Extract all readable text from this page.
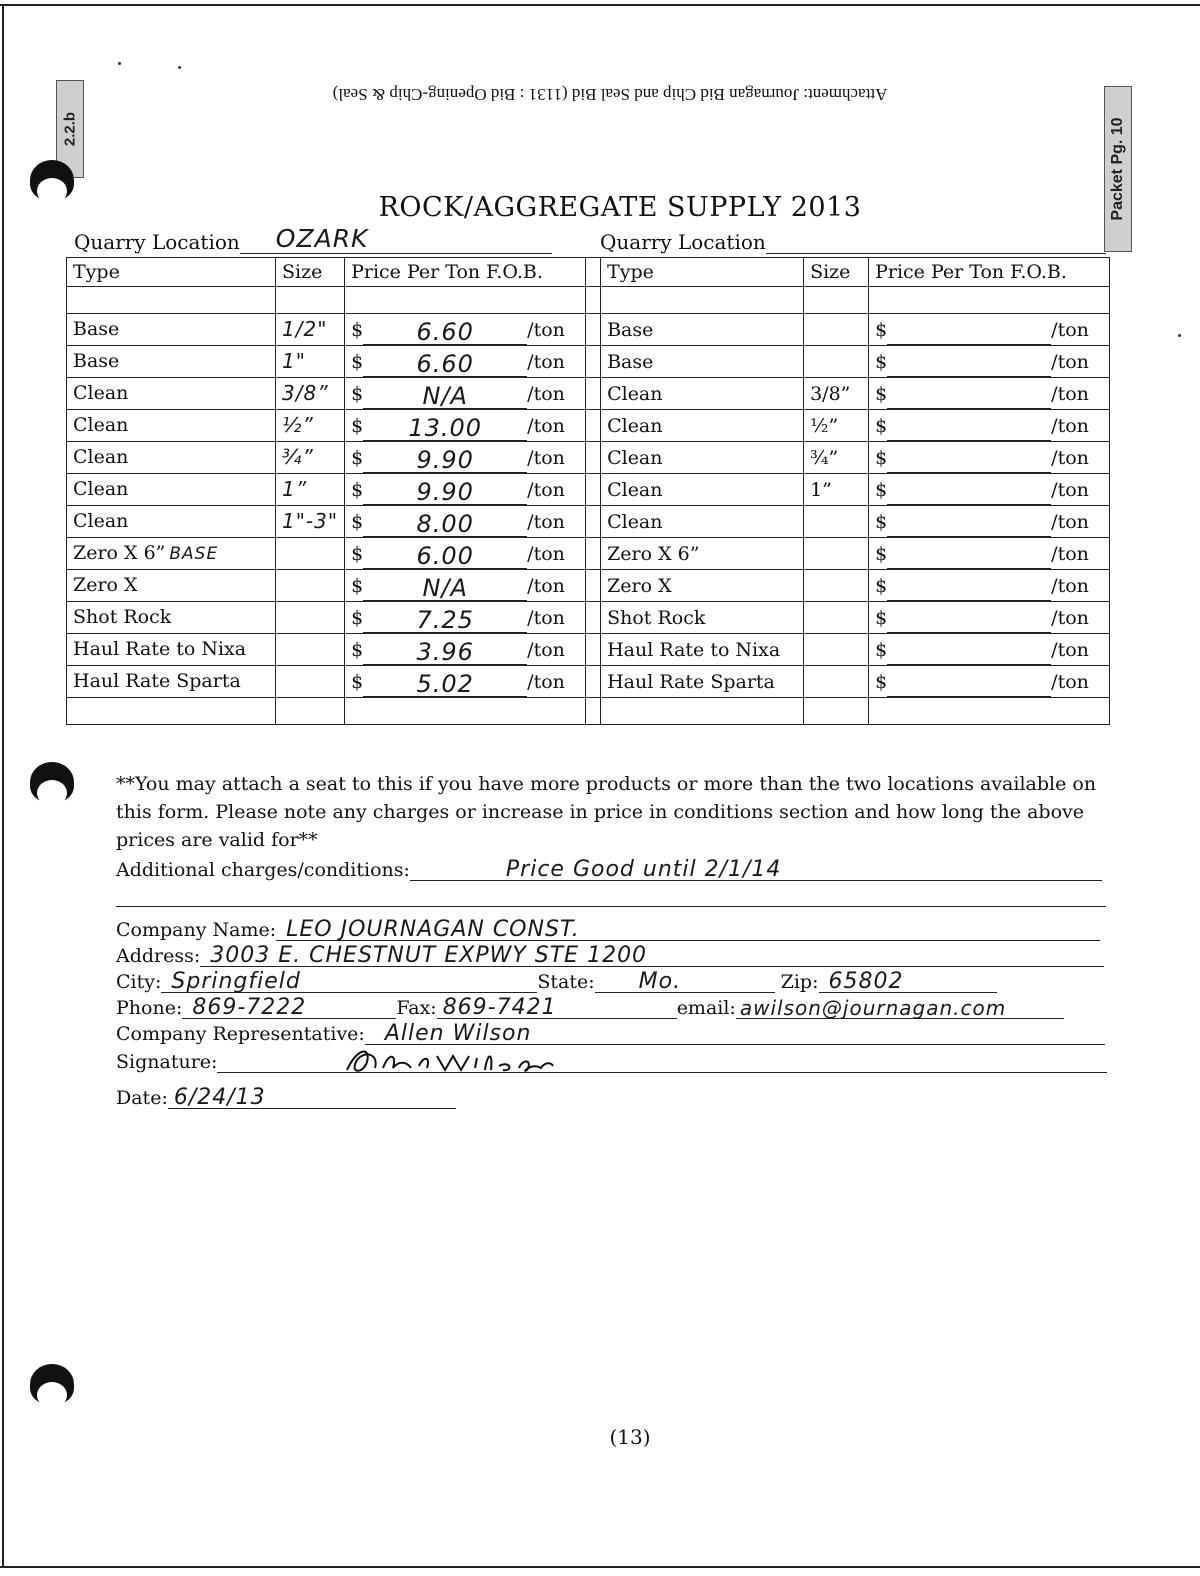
2.2.b	Packet Pg. 10
Attachment: Journagan Bid Chip and Seal Bid (1131 : Bid Opening-Chip & Seal)
ROCK/AGGREGATE SUPPLY 2013
Quarry Location OZARK	Quarry Location
Type	Size	Price Per Ton F.O.B.		Type	Size	Price Per Ton F.O.B.

Base	1/2"	$ 6.60 /ton		Base		$ /ton

Base	1"	$ 6.60 /ton		Base		$ /ton

Clean	3/8”	$ N/A /ton		Clean	3/8”	$ /ton

Clean	½”	$ 13.00 /ton		Clean	½”	$ /ton

Clean	¾”	$ 9.90 /ton		Clean	¾”	$ /ton

Clean	1”	$ 9.90 /ton		Clean	1”	$ /ton

Clean	1"-3"	$ 8.00 /ton		Clean		$ /ton

Zero X 6” BASE		$ 6.00 /ton		Zero X 6”		$ /ton

Zero X		$ N/A /ton		Zero X		$ /ton

Shot Rock		$ 7.25 /ton		Shot Rock		$ /ton

Haul Rate to Nixa		$ 3.96 /ton		Haul Rate to Nixa		$ /ton

Haul Rate Sparta		$ 5.02 /ton		Haul Rate Sparta		$ /ton

**You may attach a seat to this if you have more products or more than the two locations available on this form. Please note any charges or increase in price in conditions section and how long the above prices are valid for**
Additional charges/conditions:	Price Good until 2/1/14
Company Name: LEO JOURNAGAN CONST.
Address: 3003 E. CHESTNUT EXPWY STE 1200
City: Springfield	State: Mo.	Zip: 65802
Phone: 869-7222	Fax: 869-7421	email: awilson@journagan.com
Company Representative: Allen Wilson
Signature:
Date: 6/24/13
(13)
